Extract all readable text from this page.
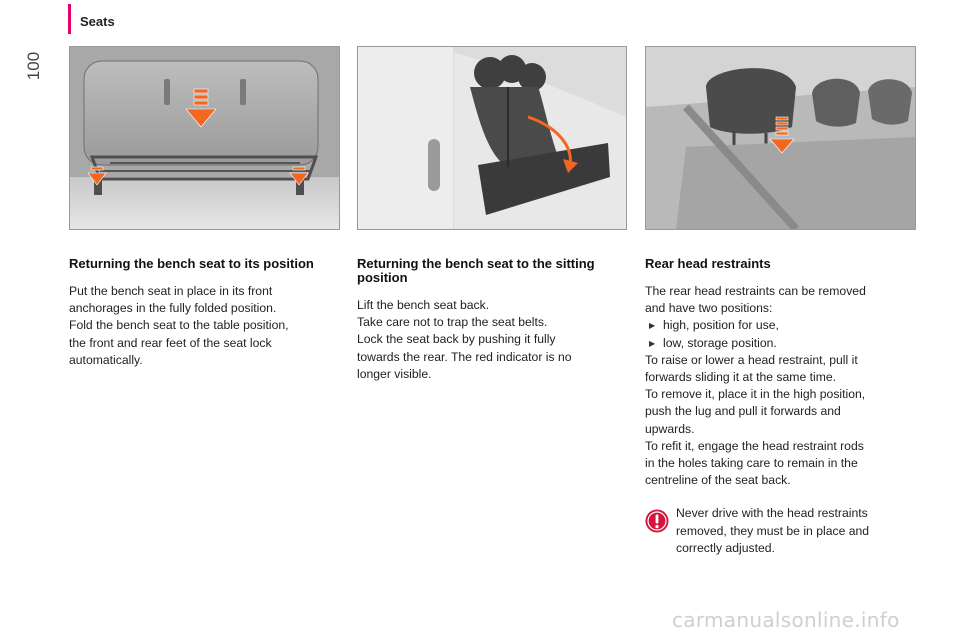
Seats
100
Returning the bench seat to its position

Put the bench seat in place in its front

anchorages in the fully folded position.

Fold the bench seat to the table position,

the front and rear feet of the seat lock

automatically.

Returning the bench seat to the sitting
position

Lift the bench seat back.

Take care not to trap the seat belts.

Lock the seat back by pushing it fully

towards the rear. The red indicator is no

longer visible.

Rear head restraints

The rear head restraints can be removed

and have two positions:

▶ high, position for use,
▶ low, storage position.

To raise or lower a head restraint, pull it

forwards sliding it at the same time.

To remove it, place it in the high position,

push the lug and pull it forwards and

upwards.

To refit it, engage the head restraint rods

in the holes taking care to remain in the

centreline of the seat back.

Never drive with the head restraints
removed, they must be in place and
correctly adjusted.
carmanualsonline.info
